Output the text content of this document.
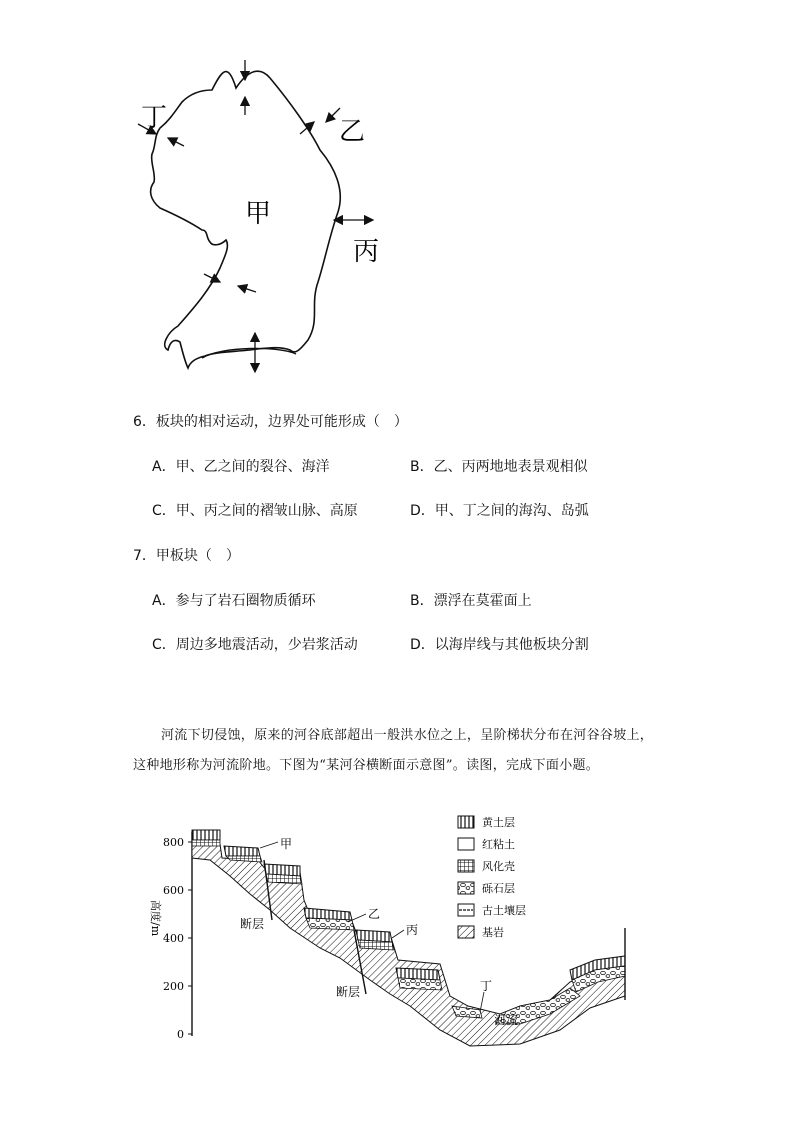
甲
乙
丙
丁
6．板块的相对运动，边界处可能形成（　）
A．甲、乙之间的裂谷、海洋	B．乙、丙两地地表景观相似
C．甲、丙之间的褶皱山脉、高原	D．甲、丁之间的海沟、岛弧
7．甲板块（　）
A．参与了岩石圈物质循环	B．漂浮在莫霍面上
C．周边多地震活动，少岩浆活动	D．以海岸线与其他板块分割
河流下切侵蚀，原来的河谷底部超出一般洪水位之上，呈阶梯状分布在河谷谷坡上，
这种地形称为河流阶地。下图为“某河谷横断面示意图”。读图，完成下面小题。
800
600
400
200
0
高度/m
甲
乙
丙
丁
断层
断层
河流
黄土层
红粘土
风化壳
砾石层
古土壤层
基岩
